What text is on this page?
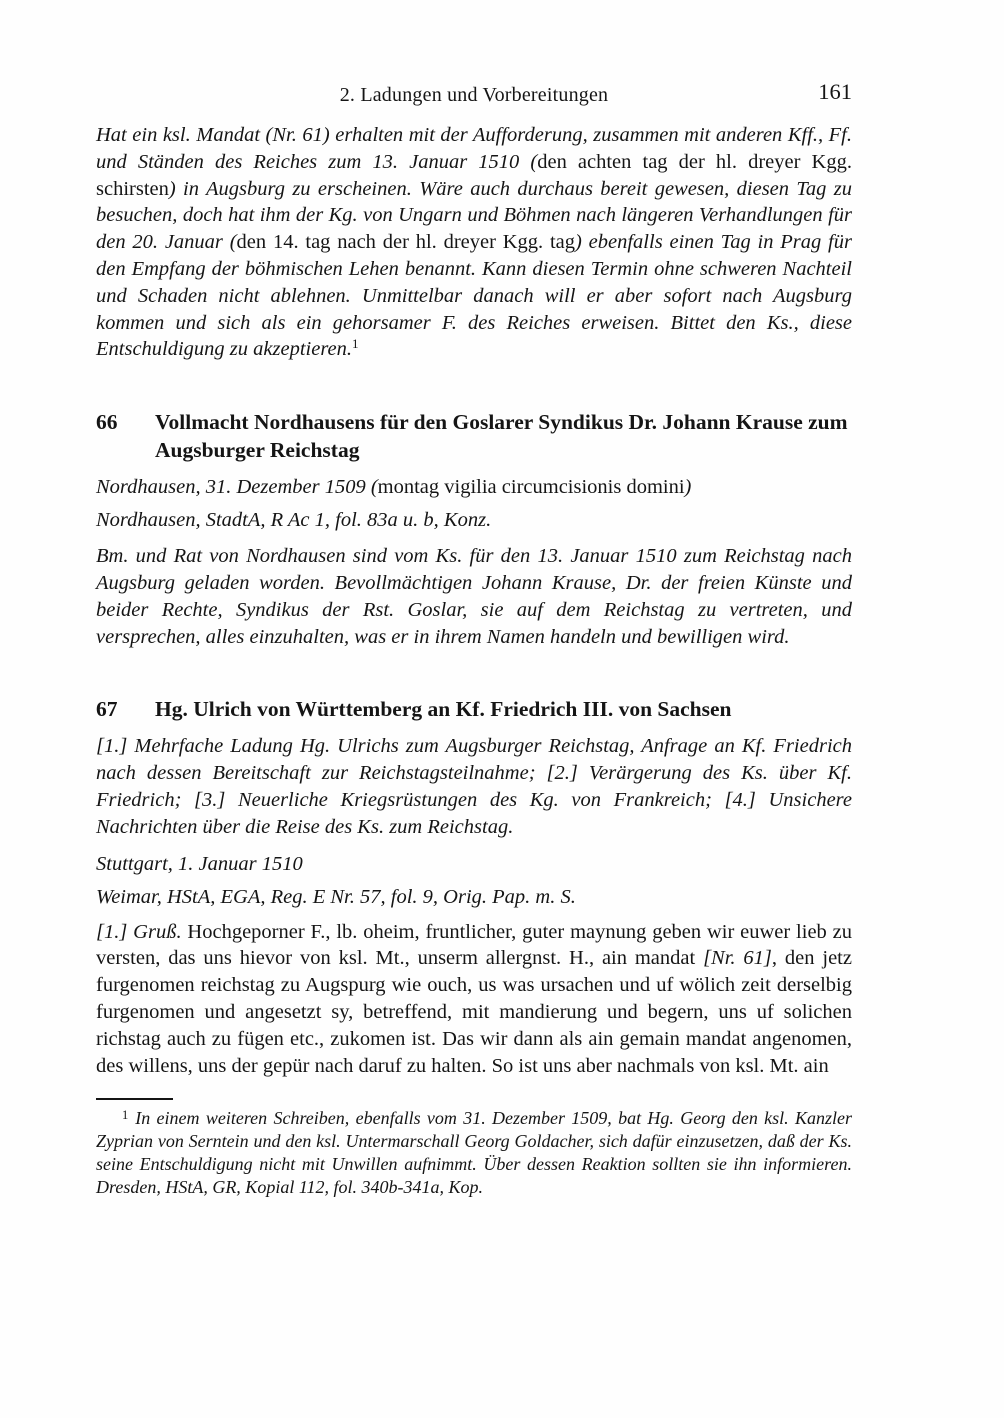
2. Ladungen und Vorbereitungen	161

Hat ein ksl. Mandat (Nr. 61) erhalten mit der Aufforderung, zusammen mit anderen Kff., Ff. und Ständen des Reiches zum 13. Januar 1510 (den achten tag der hl. dreyer Kgg. schirsten) in Augsburg zu erscheinen. Wäre auch durchaus bereit gewesen, diesen Tag zu besuchen, doch hat ihm der Kg. von Ungarn und Böhmen nach längeren Verhandlungen für den 20. Januar (den 14. tag nach der hl. dreyer Kgg. tag) ebenfalls einen Tag in Prag für den Empfang der böhmischen Lehen benannt. Kann diesen Termin ohne schweren Nachteil und Schaden nicht ablehnen. Unmittelbar danach will er aber sofort nach Augsburg kommen und sich als ein gehorsamer F. des Reiches erweisen. Bittet den Ks., diese Entschuldigung zu akzeptieren.$^1$

66	Vollmacht Nordhausens für den Goslarer Syndikus Dr. Johann Krause zum Augsburger Reichstag

Nordhausen, 31. Dezember 1509 (montag vigilia circumcisionis domini)

Nordhausen, StadtA, R Ac 1, fol. 83a u. b, Konz.

Bm. und Rat von Nordhausen sind vom Ks. für den 13. Januar 1510 zum Reichstag nach Augsburg geladen worden. Bevollmächtigen Johann Krause, Dr. der freien Künste und beider Rechte, Syndikus der Rst. Goslar, sie auf dem Reichstag zu vertreten, und versprechen, alles einzuhalten, was er in ihrem Namen handeln und bewilligen wird.

67	Hg. Ulrich von Württemberg an Kf. Friedrich III. von Sachsen

[1.] Mehrfache Ladung Hg. Ulrichs zum Augsburger Reichstag, Anfrage an Kf. Friedrich nach dessen Bereitschaft zur Reichstagsteilnahme; [2.] Verärgerung des Ks. über Kf. Friedrich; [3.] Neuerliche Kriegsrüstungen des Kg. von Frankreich; [4.] Unsichere Nachrichten über die Reise des Ks. zum Reichstag.

Stuttgart, 1. Januar 1510

Weimar, HStA, EGA, Reg. E Nr. 57, fol. 9, Orig. Pap. m. S.

[1.] Gruß. Hochgeporner F., lb. oheim, fruntlicher, guter maynung geben wir euwer lieb zu versten, das uns hievor von ksl. Mt., unserm allergnst. H., ain mandat [Nr. 61], den jetz furgenomen reichstag zu Augspurg wie ouch, us was ursachen und uf wölich zeit derselbig furgenomen und angesetzt sy, betreffend, mit mandierung und begern, uns uf solichen richstag auch zu fügen etc., zukomen ist. Das wir dann als ain gemain mandat angenomen, des willens, uns der gepür nach daruf zu halten. So ist uns aber nachmals von ksl. Mt. ain

$^1$ In einem weiteren Schreiben, ebenfalls vom 31. Dezember 1509, bat Hg. Georg den ksl. Kanzler Zyprian von Serntein und den ksl. Untermarschall Georg Goldacher, sich dafür einzusetzen, daß der Ks. seine Entschuldigung nicht mit Unwillen aufnimmt. Über dessen Reaktion sollten sie ihn informieren. Dresden, HStA, GR, Kopial 112, fol. 340b-341a, Kop.
